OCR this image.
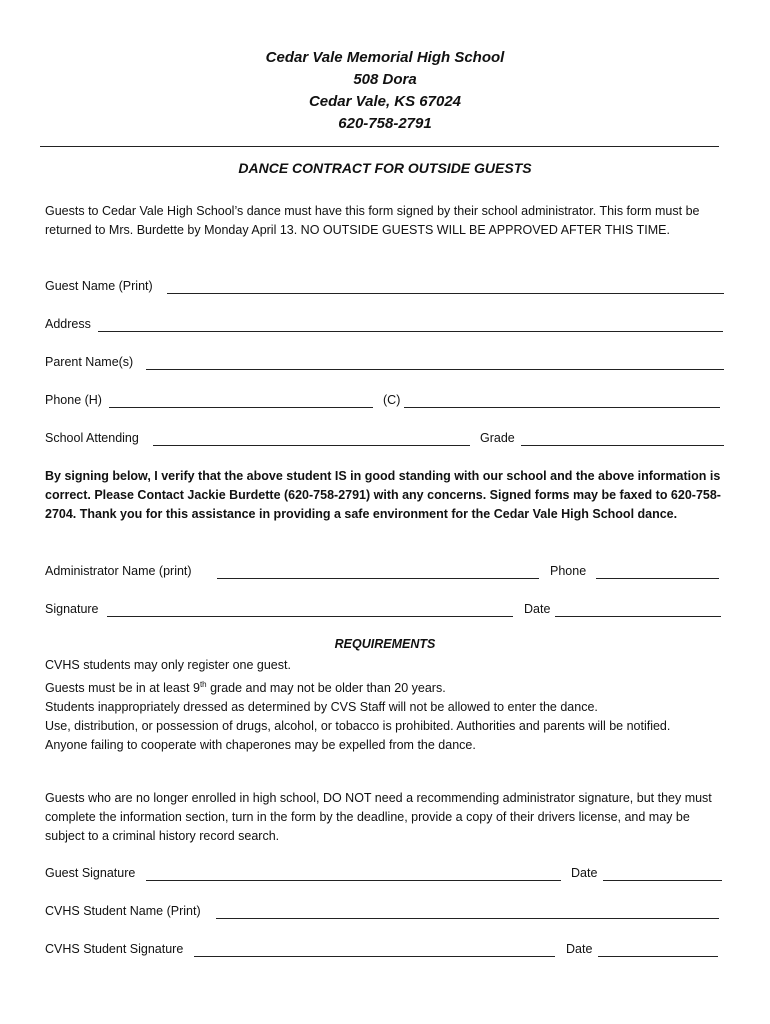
Cedar Vale Memorial High School
508 Dora
Cedar Vale, KS 67024
620-758-2791
DANCE CONTRACT FOR OUTSIDE GUESTS
Guests to Cedar Vale High School’s dance must have this form signed by their school administrator. This form must be returned to Mrs. Burdette by Monday April 13. NO OUTSIDE GUESTS WILL BE APPROVED AFTER THIS TIME.
Guest Name (Print)
Address
Parent Name(s)
Phone (H)	(C)
School Attending	Grade
By signing below, I verify that the above student IS in good standing with our school and the above information is correct. Please Contact Jackie Burdette (620-758-2791) with any concerns. Signed forms may be faxed to 620-758-2704. Thank you for this assistance in providing a safe environment for the Cedar Vale High School dance.
Administrator Name (print)	Phone
Signature	Date
REQUIREMENTS
CVHS students may only register one guest.
Guests must be in at least 9th grade and may not be older than 20 years.
Students inappropriately dressed as determined by CVS Staff will not be allowed to enter the dance.
Use, distribution, or possession of drugs, alcohol, or tobacco is prohibited. Authorities and parents will be notified.
Anyone failing to cooperate with chaperones may be expelled from the dance.
Guests who are no longer enrolled in high school, DO NOT need a recommending administrator signature, but they must complete the information section, turn in the form by the deadline, provide a copy of their drivers license, and may be subject to a criminal history record search.
Guest Signature	Date
CVHS Student Name (Print)
CVHS Student Signature	Date
